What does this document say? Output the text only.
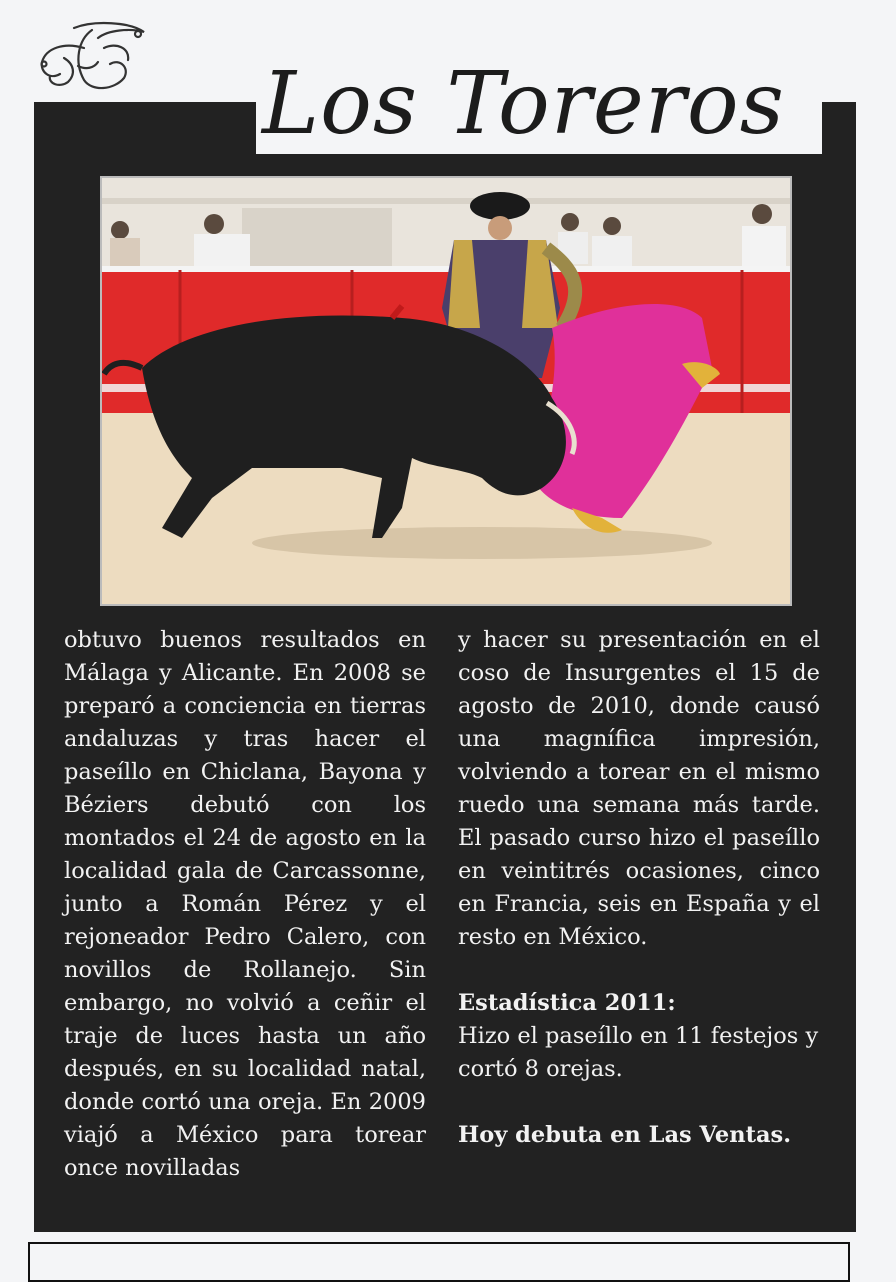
Los Toreros

obtuvo buenos resultados en Málaga y Alicante. En 2008 se preparó a conciencia en tierras andaluzas y tras hacer el paseíllo en Chiclana, Bayona y Béziers debutó con los montados el 24 de agosto en la localidad gala de Carcassonne, junto a Román Pérez y el rejoneador Pedro Calero, con novillos de Rollanejo. Sin embargo, no volvió a ceñir el traje de luces hasta un año después, en su localidad natal, donde cortó una oreja. En 2009 viajó a México para torear once novilladas

y hacer su presentación en el coso de Insurgentes el 15 de agosto de 2010, donde causó una magnífica impresión, volviendo a torear en el mismo ruedo una semana más tarde. El pasado curso hizo el paseíllo en veintitrés ocasiones, cinco en Francia, seis en España y el resto en México.

Estadística 2011:

Hizo el paseíllo en 11 festejos y cortó 8 orejas.

Hoy debuta en Las Ventas.
